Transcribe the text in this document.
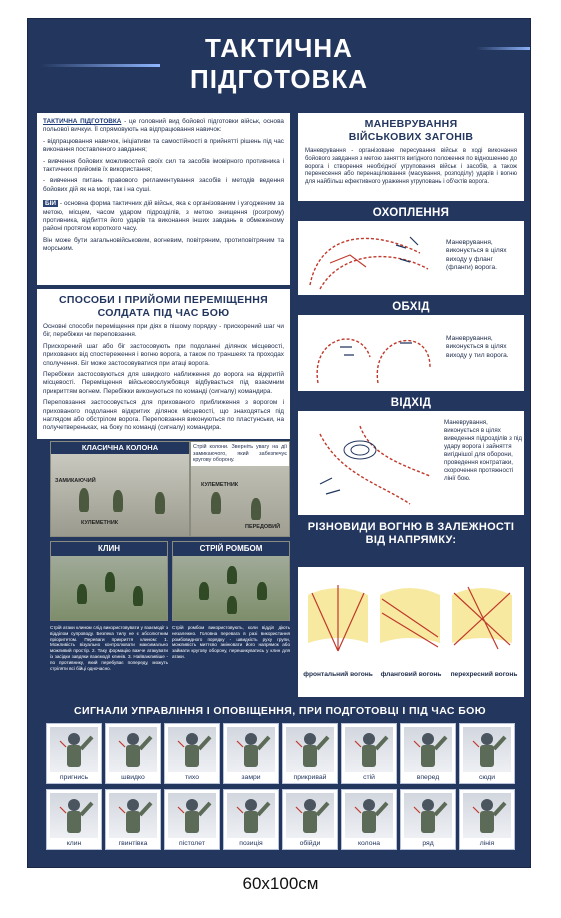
ТАКТИЧНА
ПІДГОТОВКА

ТАКТИЧНА ПІДГОТОВКА - це головний вид бойової підготовки військ, основа польової вичкуи. Її спрямовують на відпрацювання навичок:

- відпрацювання навичок, ініціативи та самостійності в прийнятті рішень під час виконання поставленого завдання;

- вивчення бойових можливостей своїх сил та засобів імовірного противника і тактичних прийомів їх використання;

- вивчення питань правового регламентування засобів і методів ведення бойових дій як на морі, так і на суші.

БІЙ - основна форма тактичних дій військ, яка є організованим і узгодженим за метою, місцем, часом ударом підрозділів, з метою знищення (розгрому) противника, відбиття його ударів та виконання інших завдань в обмеженому районі протягом короткого часу.

Він може бути загальновійськовим, вогневим, повітряним, протиповітряним та морським.

СПОСОБИ І ПРИЙОМИ ПЕРЕМІЩЕННЯ СОЛДАТА ПІД ЧАС БОЮ

Основні способи переміщення при діях в пішому порядку - прискорений шаг чи біг, перебіжки чи переповзання.

Прискорений шаг або біг застосовують при подоланні ділянок місцевості, прихованих від спостереження і вогню ворога, а також по траншеях та проходах сполучення. Біг може застосовуватися при атаці ворога.

Перебіжки застосовуються для швидкого наближення до ворога на відкритій місцевості. Переміщення військовослужбовця відбувається під взаємним прикриттям вогнем. Перебіжки виконуються по команді (сигналу) командира.

Переповзання застосовується для прихованого приближення з ворогом і прихованого подолання відкритих ділянок місцевості, що знаходяться під наглядом або обстрілом ворога. Переповзання виконуються по пластунськи, на получетвереньках, на боку по команді (сигналу) командира.

КЛАСИЧНА КОЛОНА
ЗАМИКАЮЧИЙ
КУЛЕМЕТНИК
Стрій колони. Зверніть увагу на дії замикаючого, який забезпечує кругову оборону.
КУЛЕМЕТНИК
ПЕРЕДОВИЙ
КЛИН	СТРІЙ РОМБОМ
Стрій атаки клином слід використовувати у взаємодії з відділом супроводу. Безпека тилу не є абсолютним пріоритетом. Переваги прикриття клином: 1. Можливість візуально контролювати максимально можливий простір. 2. Таку формацію важче атакувати із засідки завдяки взаємодії клинів. 3. Найважливіше - по противнику, який перебуває попереду, можуть стріляти всі бійці одночасно.
Стрій ромбом використовують, коли відділ діють незалежно. Головна перевага в разі використання ромбовидного порядку - швидкість руху групи, можливість миттєво змінювати його напрямок або займати кругову оборону, перешикуватись у клин для атаки.
МАНЕВРУВАННЯ ВІЙСЬКОВИХ ЗАГОНІВ
Маневрування - організоване пересування військ в ході виконання бойового завдання з метою заняття вигідного положення по відношенню до ворога і створення необхідної угруповання військ і засобів, а також перенесення або перенацілювання (масування, розподілу) ударів і вогню для найбільш ефективного ураження угруповань і об'єктів ворога.
ОХОПЛЕННЯ
Маневрування, виконується в цілях виходу у фланг (фланги) ворога.
ОБХІД
Маневрування, виконується в цілях виходу у тил ворога.
ВІДХІД
Маневрування, виконується в цілях виведення підрозділів з під удару ворога і зайняття вигіднішої для оборони, проведення контратаки, скорочення протяжності лінії бою.
РІЗНОВИДИ ВОГНЮ В ЗАЛЕЖНОСТІ ВІД НАПРЯМКУ:
фронтальний вогонь	фланговий вогонь	перехресний вогонь
СИГНАЛИ УПРАВЛІННЯ І ОПОВІЩЕННЯ, ПРИ ПОДГОТОВЦІ І ПІД ЧАС БОЮ
пригнись	швидко	тихо	замри	прикривай	стій	вперед	сюди
клин	гвинтівка	пістолет	позиція	обійди	колона	ряд	лінія
60х100см
